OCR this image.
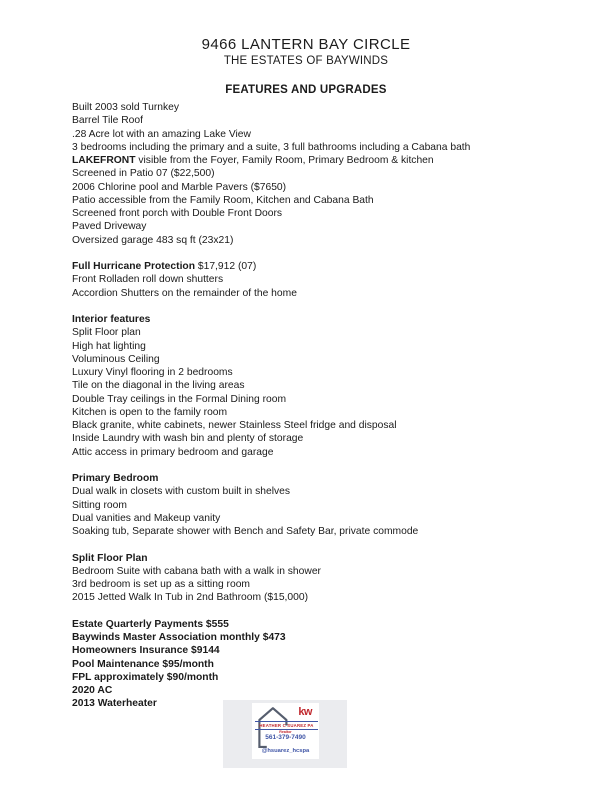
9466 LANTERN BAY CIRCLE
THE ESTATES OF BAYWINDS
FEATURES AND UPGRADES
Built 2003 sold Turnkey
Barrel Tile Roof
.28 Acre lot with an amazing Lake View
3 bedrooms including the primary and a suite, 3 full bathrooms including a Cabana bath
LAKEFRONT visible from the Foyer, Family Room, Primary Bedroom & kitchen
Screened in Patio 07 ($22,500)
2006 Chlorine pool and Marble Pavers ($7650)
Patio accessible from the Family Room, Kitchen and Cabana Bath
Screened front porch with Double Front Doors
Paved Driveway
Oversized garage 483 sq ft (23x21)
Full Hurricane Protection $17,912 (07)
Front Rolladen roll down shutters
Accordion Shutters on the remainder of the home
Interior features
Split Floor plan
High hat lighting
Voluminous Ceiling
Luxury Vinyl flooring in 2 bedrooms
Tile on the diagonal in the living areas
Double Tray ceilings in the Formal Dining room
Kitchen is open to the family room
Black granite, white cabinets, newer Stainless Steel fridge and disposal
Inside Laundry with wash bin and plenty of storage
Attic access in primary bedroom and garage
Primary Bedroom
Dual walk in closets with custom built in shelves
Sitting room
Dual vanities and Makeup vanity
Soaking tub, Separate shower with Bench and Safety Bar, private commode
Split Floor Plan
Bedroom Suite with cabana bath with a walk in shower
3rd bedroom is set up as a sitting room
2015 Jetted Walk In Tub in 2nd Bathroom ($15,000)
Estate Quarterly Payments $555
Baywinds Master Association monthly $473
Homeowners Insurance $9144
Pool Maintenance $95/month
FPL approximately $90/month
2020 AC
2013 Waterheater
kw
HEATHER C SUAREZ PA
Realtor
561-379-7490
@hsuarez_hcspa
